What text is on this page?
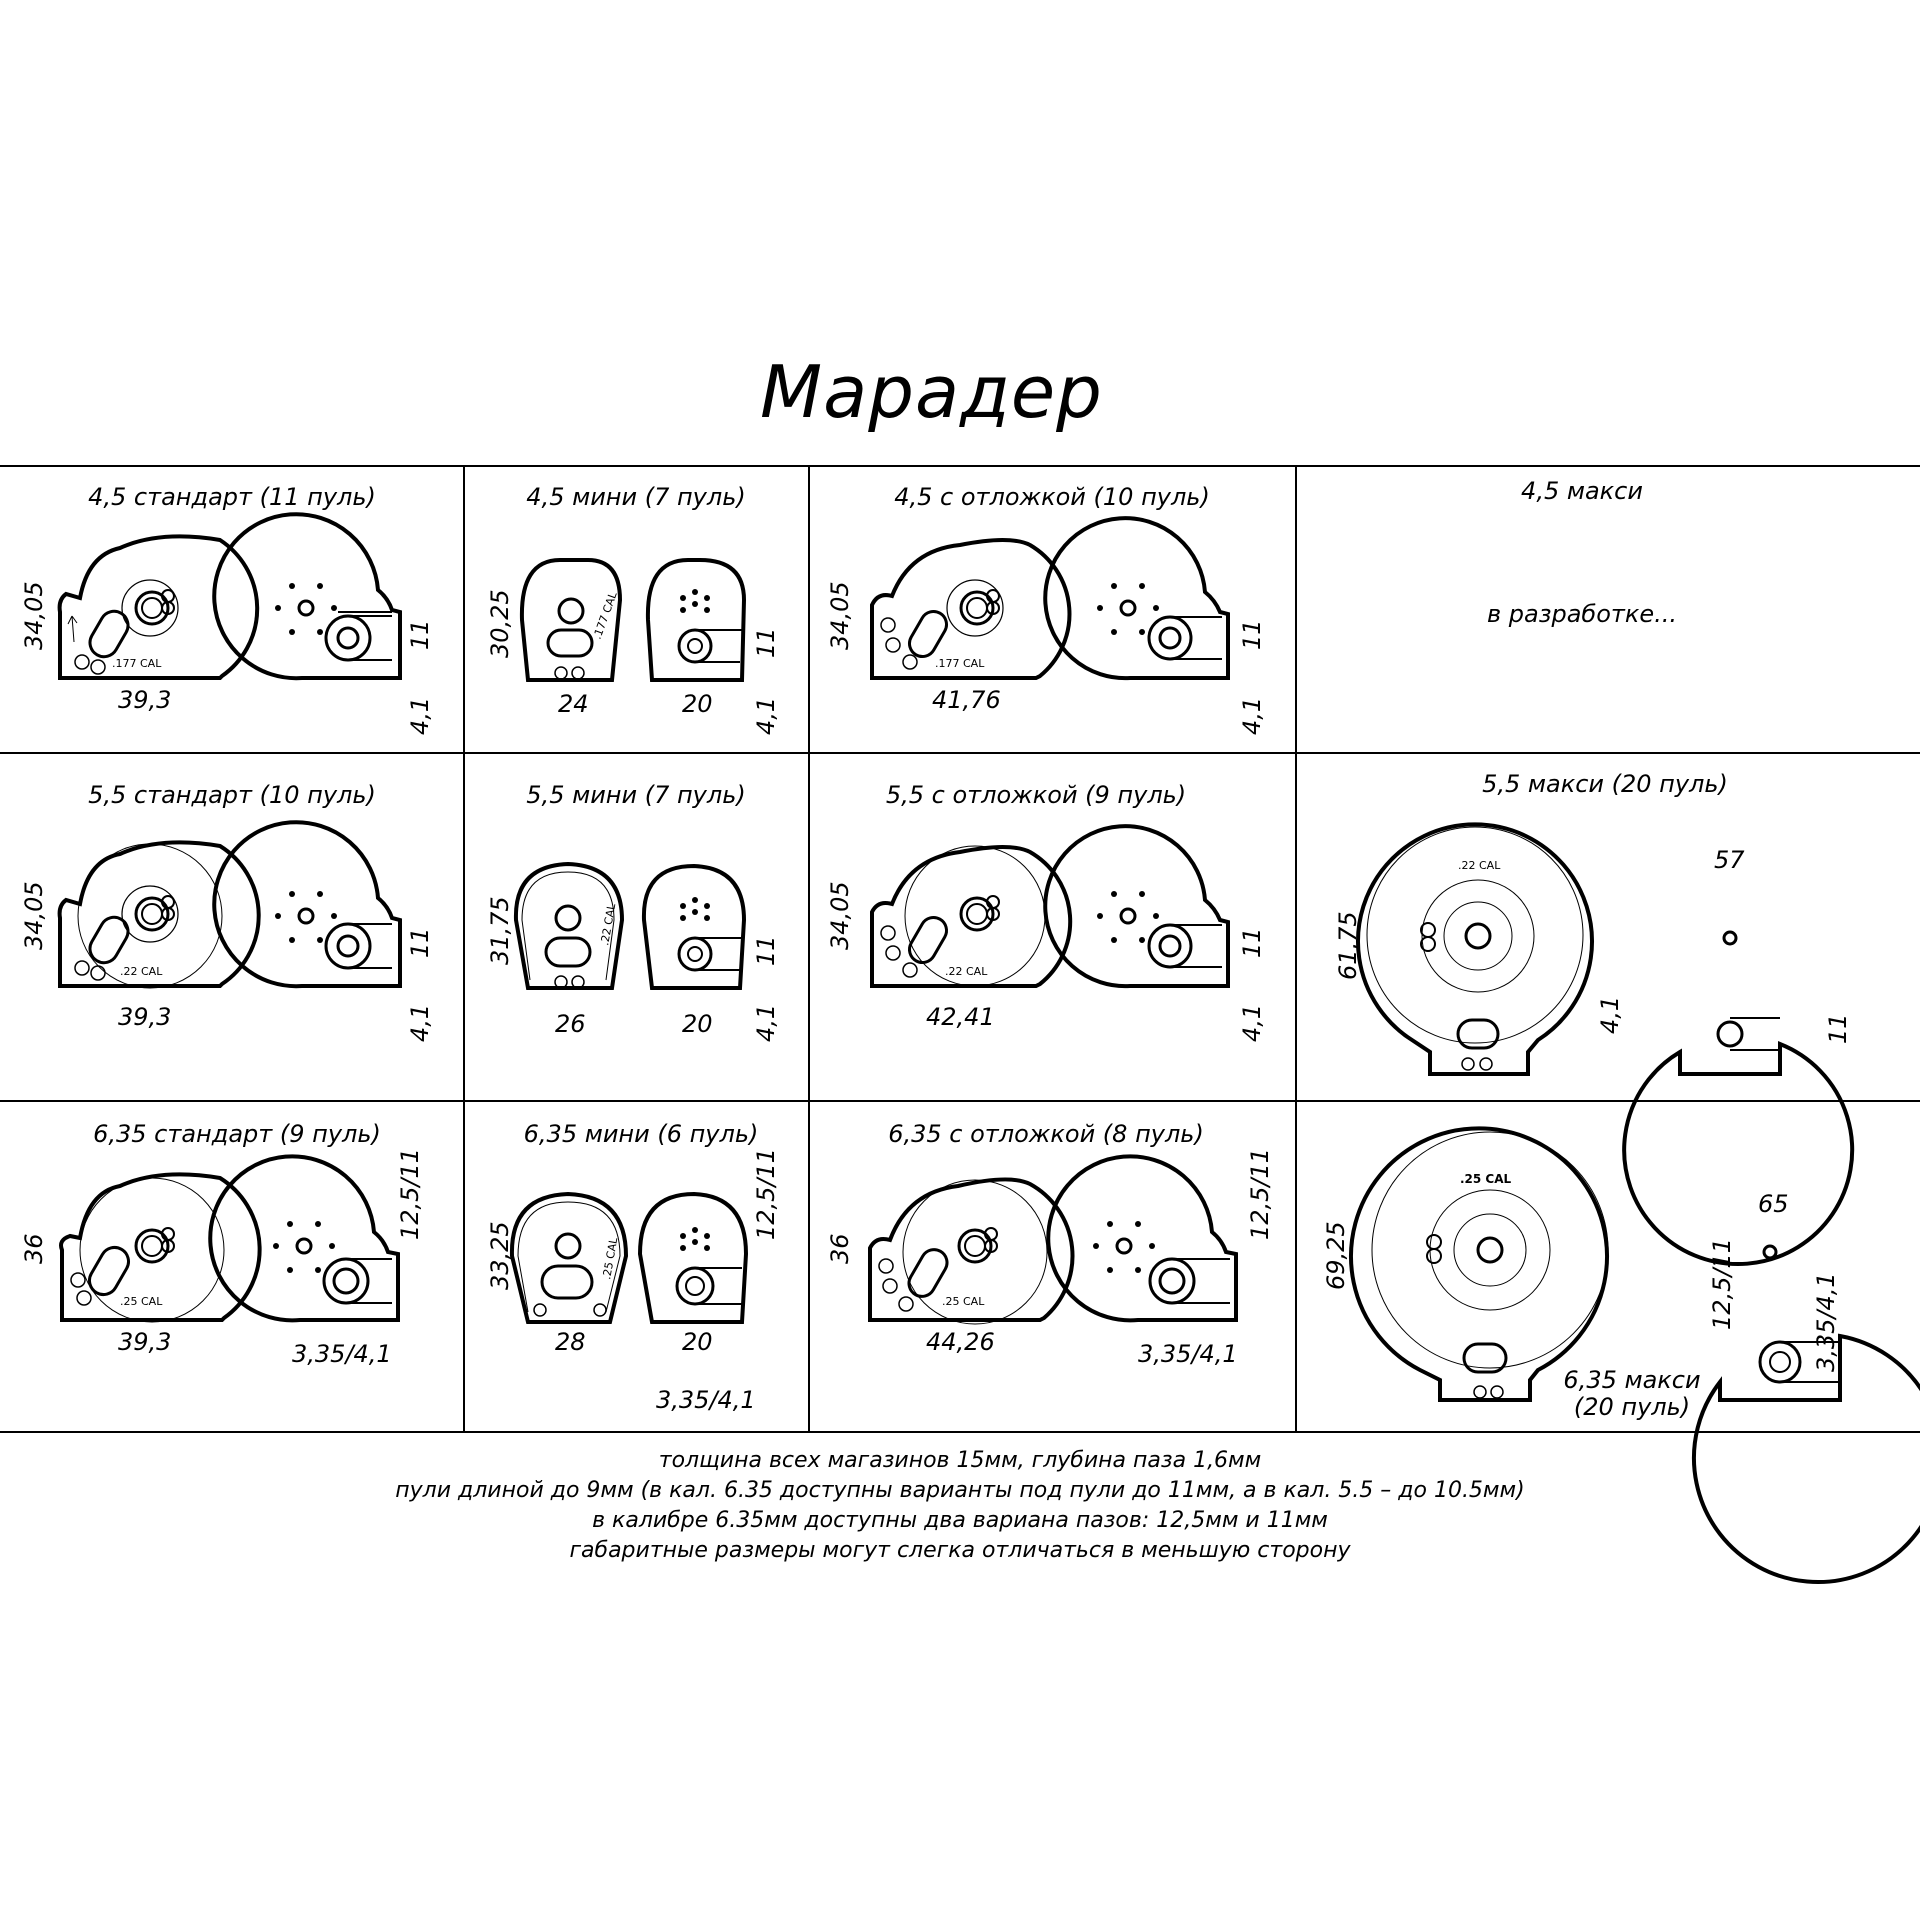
Марадер
4,5 стандарт (11 пуль)	4,5 мини (7 пуль)	4,5 с отложкой (10 пуль)	4,5 макси
в разработке...
5,5 стандарт (10 пуль)	5,5 мини (7 пуль)	5,5 с отложкой (9 пуль)	5,5 макси (20 пуль)
6,35 стандарт (9 пуль)	6,35 мини (6 пуль)	6,35 с отложкой (8 пуль)
6,35 макси
(20 пуль)
.177 CAL
34,05
39,3
11
4,1
.177 CAL
30,25
24	20
11
4,1
.177 CAL
34,05
41,76
11
4,1
.22 CAL
34,05
39,3
11
4,1
.22 CAL
31,75
26	20
11
4,1
.22 CAL
34,05
42,41
11
4,1
.22 CAL
61,75
57
4,1	11
.25 CAL
36
39,3
12,5/11
3,35/4,1
.25 CAL
33,25
28	20
12,5/11
3,35/4,1
.25 CAL
36
44,26
12,5/11
3,35/4,1
.25 CAL
69,25
65
12,5/11	3,35/4,1
толщина всех магазинов 15мм, глубина паза 1,6мм
пули длиной до 9мм (в кал. 6.35 доступны варианты под пули до 11мм, а в кал. 5.5 – до 10.5мм)
в калибре 6.35мм доступны два вариана пазов: 12,5мм и 11мм
габаритные размеры могут слегка отличаться в меньшую сторону
